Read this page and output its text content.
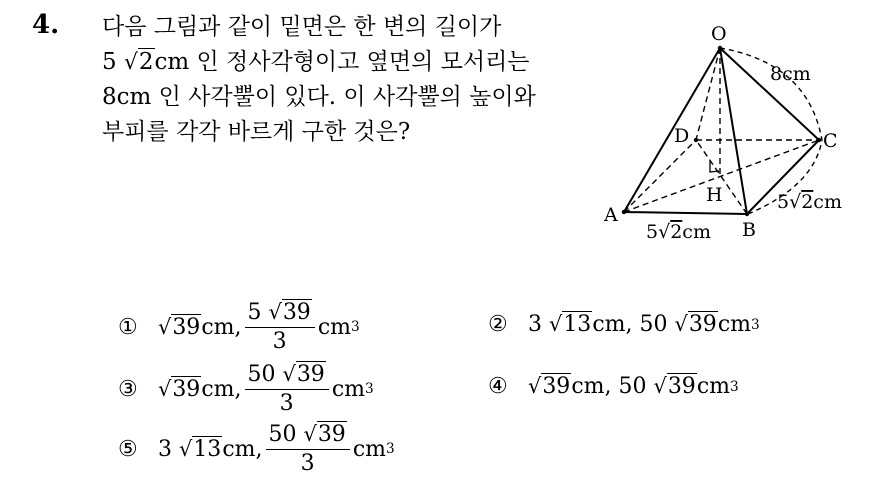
4. 다음 그림과 같이 밑면은 한 변의 길이가
5 √2cm 인 정사각형이고 옆면의 모서리는
8cm 인 사각뿔이 있다. 이 사각뿔의 높이와
부피를 각각 바르게 구한 것은?
O
A
B
C
D
H
8cm
5√2cm
5√2cm
① √39 cm, $\frac{5 √39}{3}$ cm 3	② 3
√13 cm,
50
√39 cm 3
③ √39 cm, $\frac{50 √39}{3}$ cm 3	④ √39 cm,
50
√39 cm 3
⑤ 3
√13 cm, $\frac{50 √39}{3}$ cm 3
